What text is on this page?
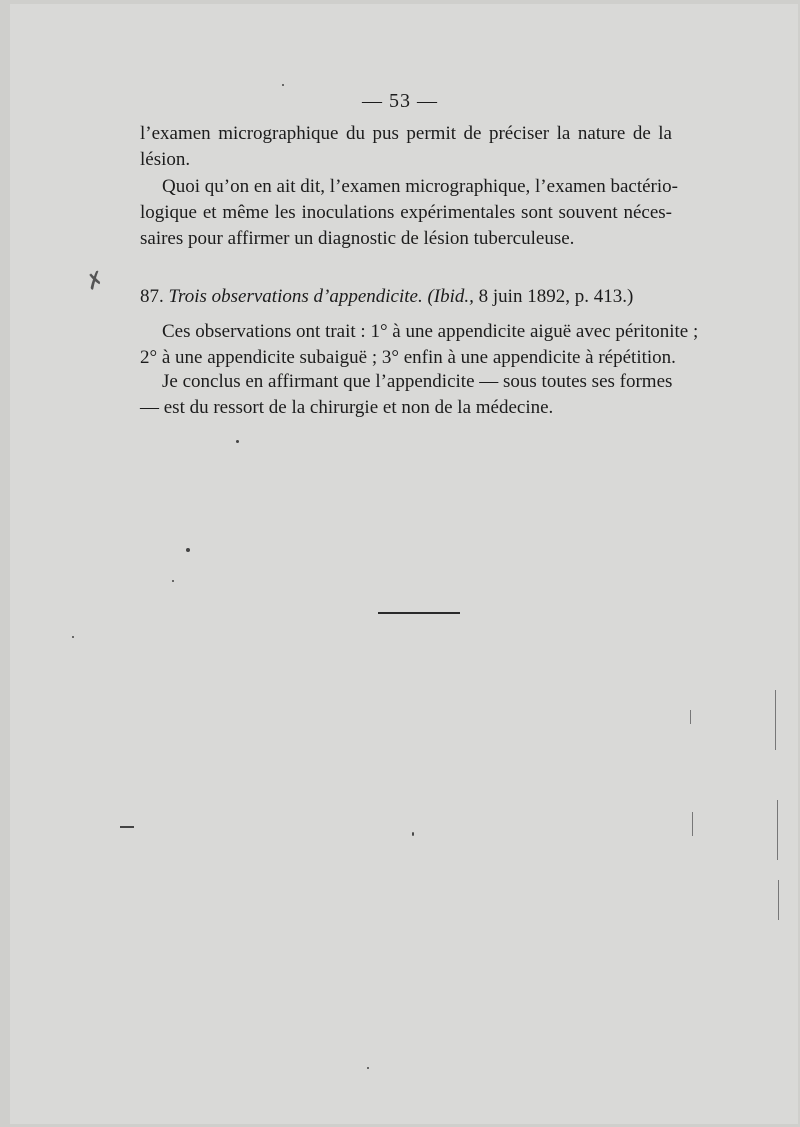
✗
— 53 —
l’examen micrographique du pus permit de préciser la nature de la
lésion.
Quoi qu’on en ait dit, l’examen micrographique, l’examen bactério-
logique et même les inoculations expérimentales sont souvent néces-
saires pour affirmer un diagnostic de lésion tuberculeuse.
87. Trois observations d’appendicite. (Ibid., 8 juin 1892, p. 413.)
Ces observations ont trait : 1° à une appendicite aiguë avec péritonite ;
2° à une appendicite subaiguë ; 3° enfin à une appendicite à répétition.
Je conclus en affirmant que l’appendicite — sous toutes ses formes
— est du ressort de la chirurgie et non de la médecine.
